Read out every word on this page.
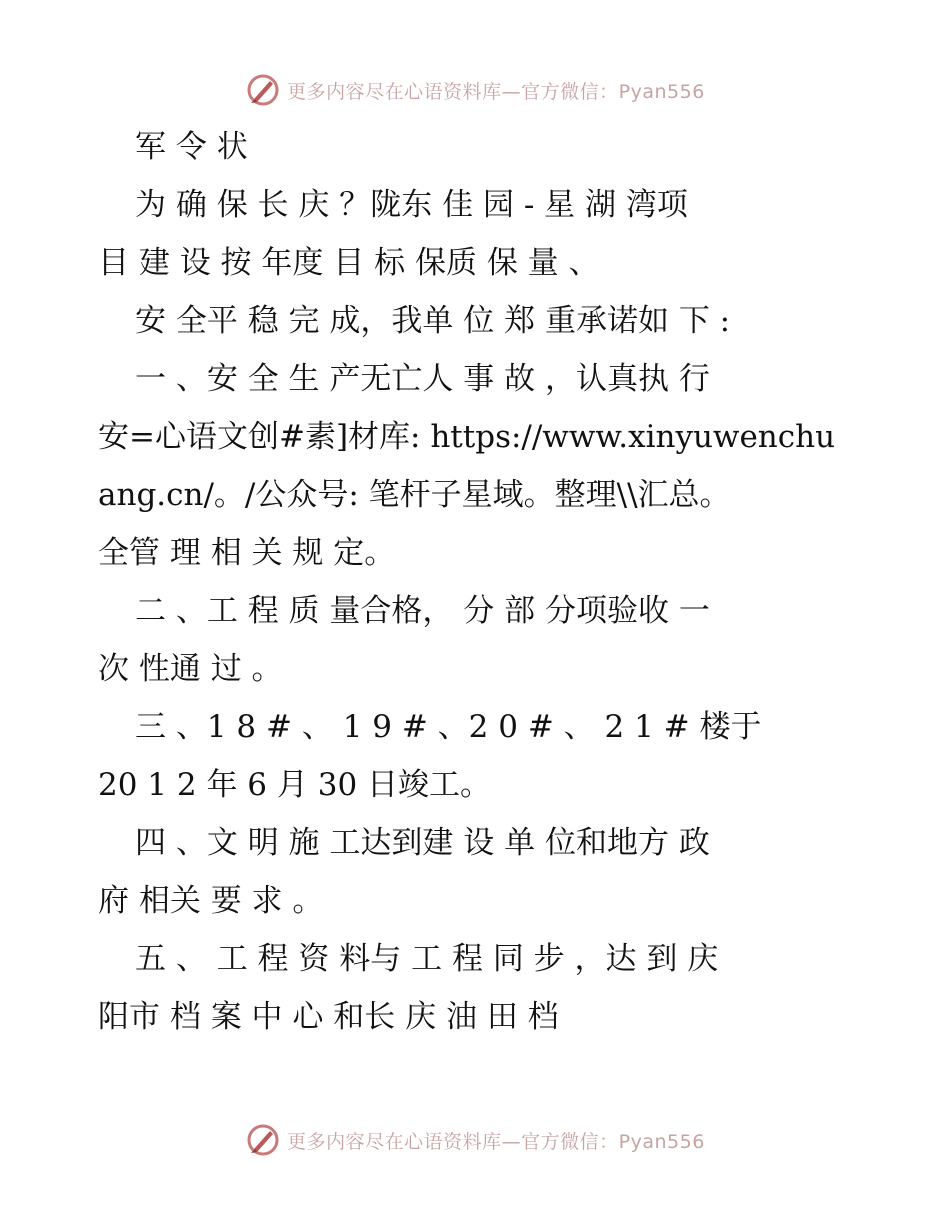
更多内容尽在心语资料库—官方微信：Pyan556
军 令 状
为 确 保 长 庆 ？陇东 佳 园 - 星 湖 湾项
目 建 设 按 年度 目 标 保质 保 量 、
安 全平 稳 完 成，我单 位 郑 重承诺如 下 :
一 、安 全 生 产无亡人 事 故 ，认真执 行
安=心语文创#素]材库: https://www.xinyuwenchu
ang.cn/。/公众号: 笔杆子星域。整理\\汇总。
全管 理 相 关 规 定。
二 、工 程 质 量合格， 分 部 分项验收 一
次 性通 过 。
三 、1 8 # 、 1 9 # 、2 0 # 、 2 1 # 楼于
20 1 2 年 6 月 30 日竣工。
四 、文 明 施 工达到建 设 单 位和地方 政
府 相关 要 求 。
五 、 工 程 资 料与 工 程 同 步 ，达 到 庆
阳市 档 案 中 心 和长 庆 油 田 档
更多内容尽在心语资料库—官方微信：Pyan556
